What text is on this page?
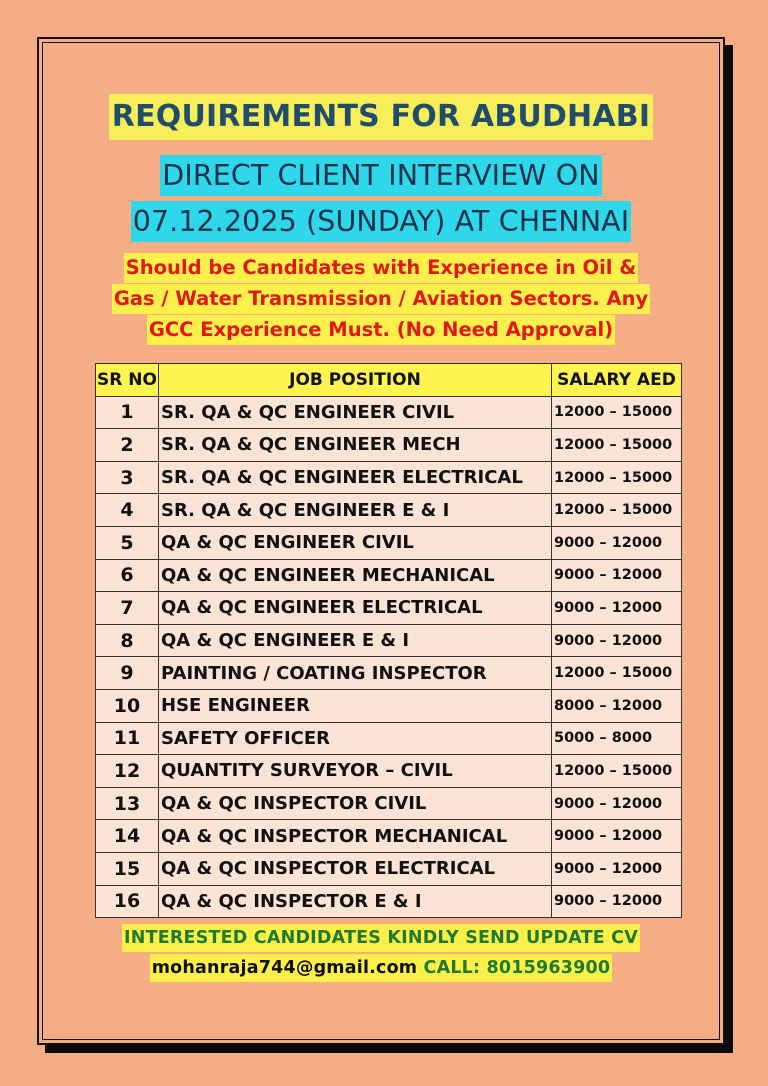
REQUIREMENTS FOR ABUDHABI
DIRECT CLIENT INTERVIEW ON
07.12.2025 (SUNDAY) AT CHENNAI
Should be Candidates with Experience in Oil &
Gas / Water Transmission / Aviation Sectors. Any
GCC Experience Must. (No Need Approval)
SR NO	JOB POSITION	SALARY AED
1	SR. QA & QC ENGINEER CIVIL	12000 – 15000
2	SR. QA & QC ENGINEER MECH	12000 – 15000
3	SR. QA & QC ENGINEER ELECTRICAL	12000 – 15000
4	SR. QA & QC ENGINEER E & I	12000 – 15000
5	QA & QC ENGINEER CIVIL	9000 – 12000
6	QA & QC ENGINEER MECHANICAL	9000 – 12000
7	QA & QC ENGINEER ELECTRICAL	9000 – 12000
8	QA & QC ENGINEER E & I	9000 – 12000
9	PAINTING / COATING INSPECTOR	12000 – 15000
10	HSE ENGINEER	8000 – 12000
11	SAFETY OFFICER	5000 – 8000
12	QUANTITY SURVEYOR – CIVIL	12000 – 15000
13	QA & QC INSPECTOR CIVIL	9000 – 12000
14	QA & QC INSPECTOR MECHANICAL	9000 – 12000
15	QA & QC INSPECTOR ELECTRICAL	9000 – 12000
16	QA & QC INSPECTOR E & I	9000 – 12000
INTERESTED CANDIDATES KINDLY SEND UPDATE CV
mohanraja744@gmail.com CALL: 8015963900
